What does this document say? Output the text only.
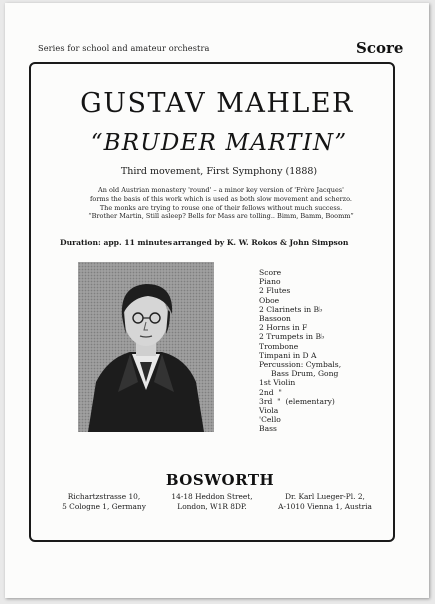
Series for school and amateur orchestra	Score
GUSTAV MAHLER
“BRUDER MARTIN”
Third movement, First Symphony (1888)
An old Austrian monastery 'round' – a minor key version of 'Frère Jacques'
forms the basis of this work which is used as both slow movement and scherzo.
The monks are trying to rouse one of their fellows without much success.
“Brother Martin, Still asleep? Bells for Mass are tolling.. Bimm, Bamm, Boomm”
Duration: app. 11 minutes arranged by K. W. Rokos & John Simpson
Score
Piano
2 Flutes
Oboe
2 Clarinets in B♭
Bassoon
2 Horns in F
2 Trumpets in B♭
Trombone
Timpani in D A
Percussion: Cymbals,
Bass Drum, Gong
1st Violin
2nd  "
3rd  "  (elementary)
Viola
'Cello
Bass
BOSWORTH
Richartzstrasse 10,
5 Cologne 1, Germany
14-18 Heddon Street,
London, W1R 8DP.
Dr. Karl Lueger-Pl. 2,
A-1010 Vienna 1, Austria
